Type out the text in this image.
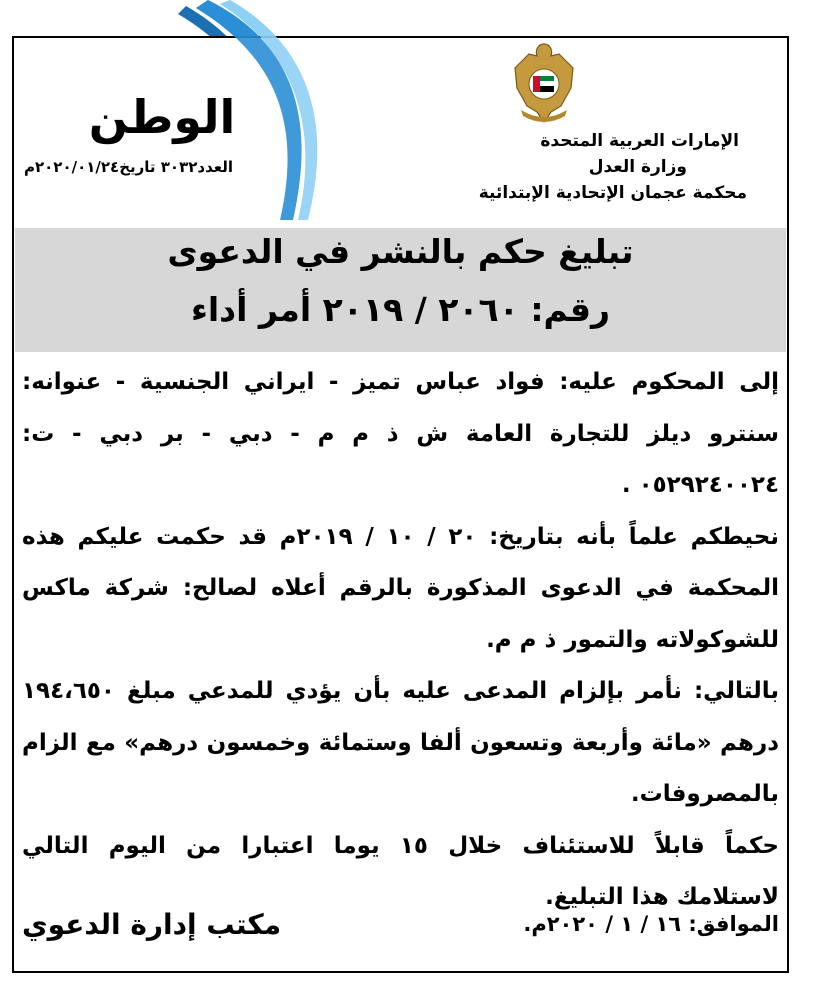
الوطن
العدد٣٠٣٢ تاريخ٢٠٢٠/٠١/٢٤م
الإمارات العربية المتحدة
وزارة العدل
محكمة عجمان الإتحادية الإبتدائية
تبليغ حكم بالنشر في الدعوى
رقم: ٢٠٦٠ / ٢٠١٩ أمر أداء

إلى المحكوم عليه: فواد عباس تميز - ايراني الجنسية - عنوانه: سنترو ديلز للتجارة العامة ش ذ م م - دبي - بر دبي - ت: ٠٥٢٩٢٤٠٠٢٤ .

نحيطكم علماً بأنه بتاريخ: ٢٠ / ١٠ / ٢٠١٩م قد حكمت عليكم هذه المحكمة في الدعوى المذكورة بالرقم أعلاه لصالح: شركة ماكس للشوكولاته والتمور ذ م م.

بالتالي: نأمر بإلزام المدعى عليه بأن يؤدي للمدعي مبلغ ١٩٤،٦٥٠ درهم «مائة وأربعة وتسعون ألفا وستمائة وخمسون درهم» مع الزام بالمصروفات.

حكماً قابلاً للاستئناف خلال ١٥ يوما اعتبارا من اليوم التالي لاستلامك هذا التبليغ.

الموافق: ١٦ / ١ / ٢٠٢٠م.
مكتب إدارة الدعوي
